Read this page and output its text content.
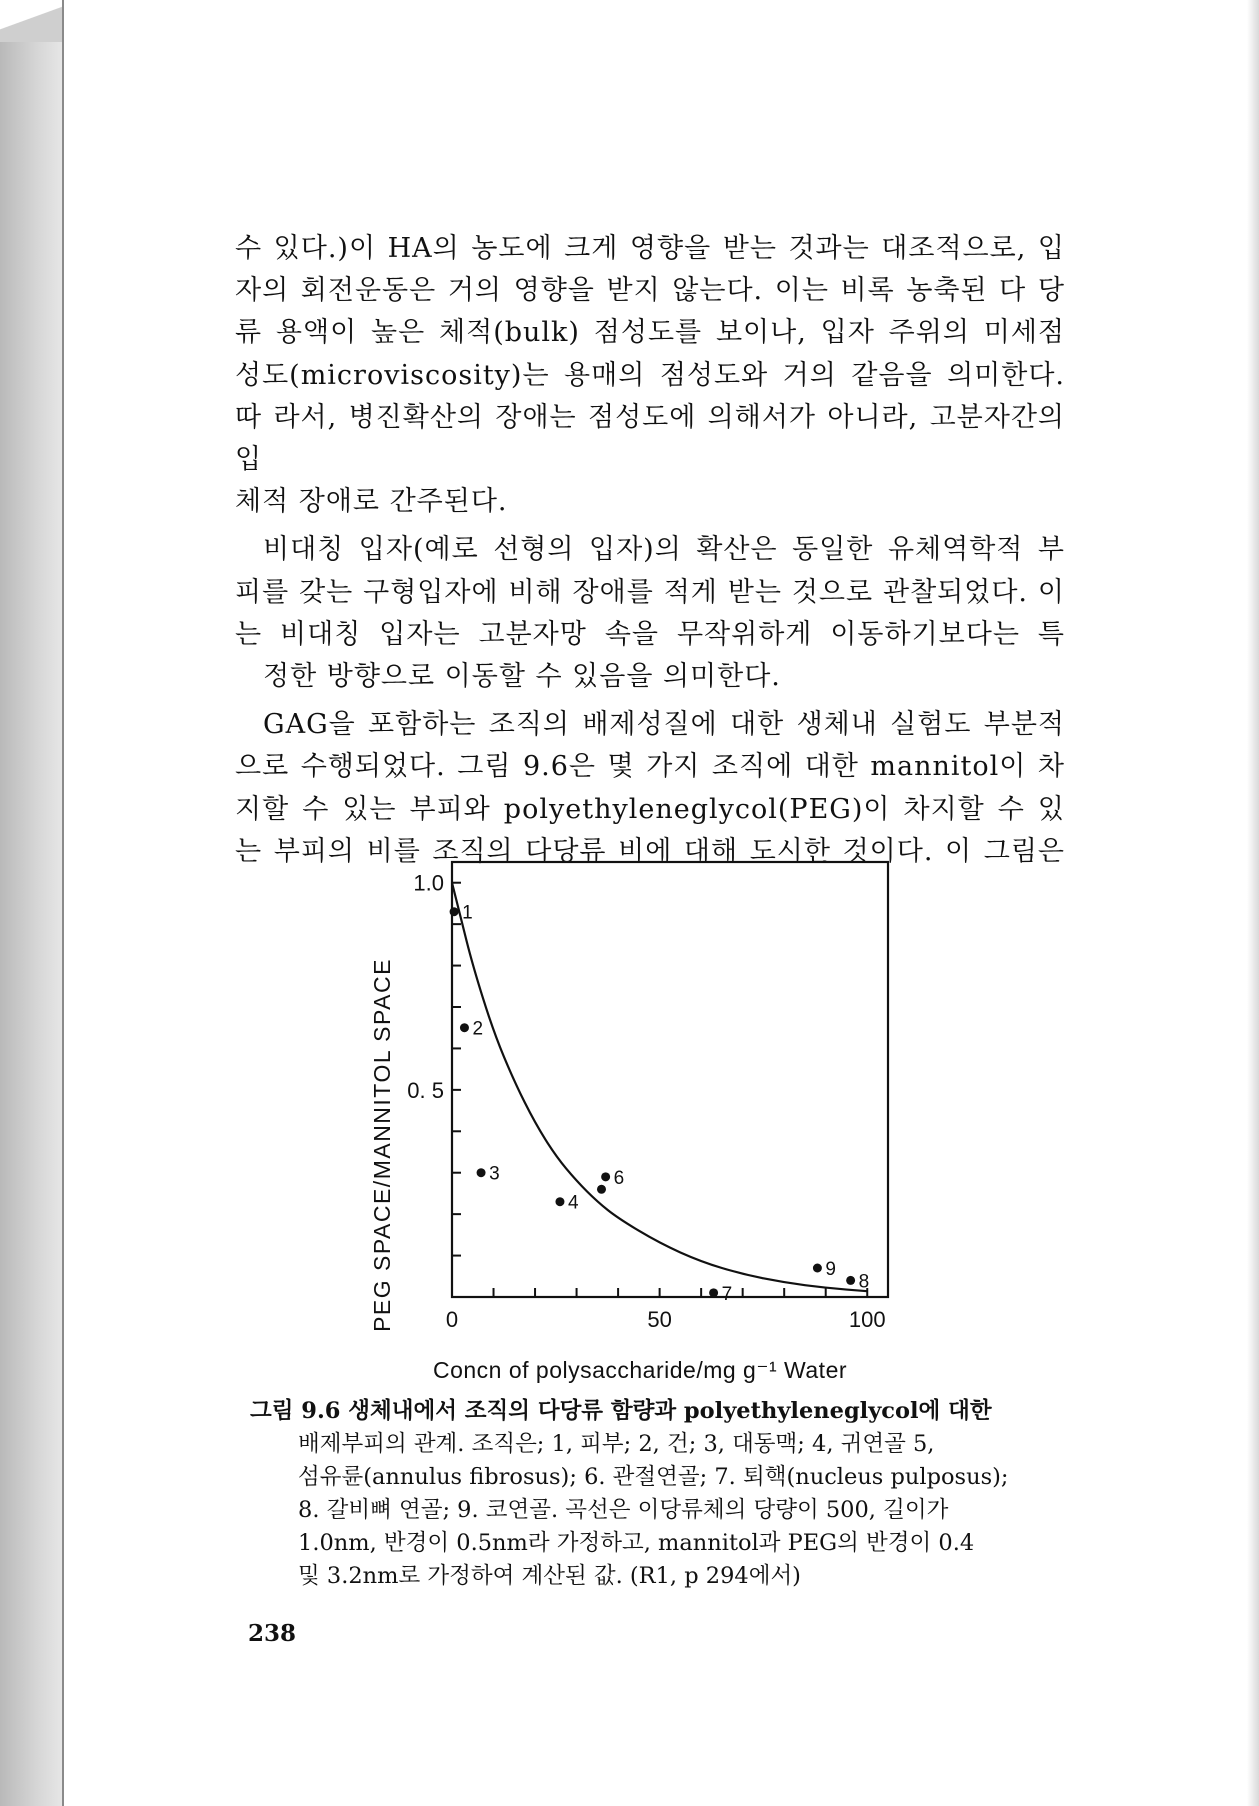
수 있다.)이 HA의 농도에 크게 영향을 받는 것과는 대조적으로, 입자의 회전운동은 거의 영향을 받지 않는다. 이는 비록 농축된 다 당류 용액이 높은 체적(bulk) 점성도를 보이나, 입자 주위의 미세점 성도(microviscosity)는 용매의 점성도와 거의 같음을 의미한다. 따 라서, 병진확산의 장애는 점성도에 의해서가 아니라, 고분자간의 입
체적 장애로 간주된다.

비대칭 입자(예로 선형의 입자)의 확산은 동일한 유체역학적 부 피를 갖는 구형입자에 비해 장애를 적게 받는 것으로 관찰되었다. 이는 비대칭 입자는 고분자망 속을 무작위하게 이동하기보다는 특
정한 방향으로 이동할 수 있음을 의미한다.

GAG을 포함하는 조직의 배제성질에 대한 생체내 실험도 부분적 으로 수행되었다. 그림 9.6은 몇 가지 조직에 대한 mannitol이 차 지할 수 있는 부피와 polyethyleneglycol(PEG)이 차지할 수 있는 부피의 비를 조직의 다당류 비에 대해 도시한 것이다. 이 그림은

0	50	100
0. 5
1.0
1
2
3
4
6
7
9
8
PEG SPACE/MANNITOL SPACE
Concn of polysaccharide/mg g⁻¹ Water
그림 9.6 생체내에서 조직의 다당류 함량과 polyethyleneglycol에 대한
배제부피의 관계. 조직은; 1, 피부; 2, 건; 3, 대동맥; 4, 귀연골 5,
섬유륜(annulus fibrosus); 6. 관절연골; 7. 퇴핵(nucleus pulposus);
8. 갈비뼈 연골; 9. 코연골. 곡선은 이당류체의 당량이 500, 길이가
1.0nm, 반경이 0.5nm라 가정하고, mannitol과 PEG의 반경이 0.4
및 3.2nm로 가정하여 계산된 값. (R1, p 294에서)
238
